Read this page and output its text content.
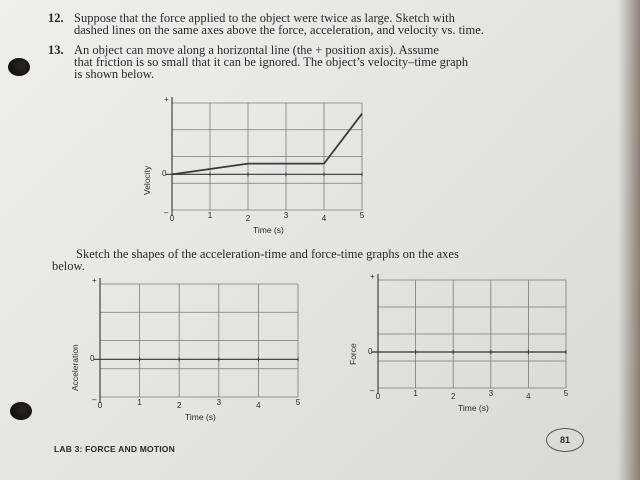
12. Suppose that the force applied to the object were twice as large. Sketch with
dashed lines on the same axes above the force, acceleration, and velocity vs. time.
13. An object can move along a horizontal line (the + position axis). Assume
that friction is so small that it can be ignored. The object’s velocity–time graph
is shown below.
Sketch the shapes of the acceleration-time and force-time graphs on the axes
below.
0	1	2	3	4	5
Time (s)
Velocity
+
0
–
0	1	2	3	4	5
Time (s)
Acceleration
+
0
–	0	1	2	3	4	5
Time (s)
Force
+
0
–
LAB 3: FORCE AND MOTION
81
